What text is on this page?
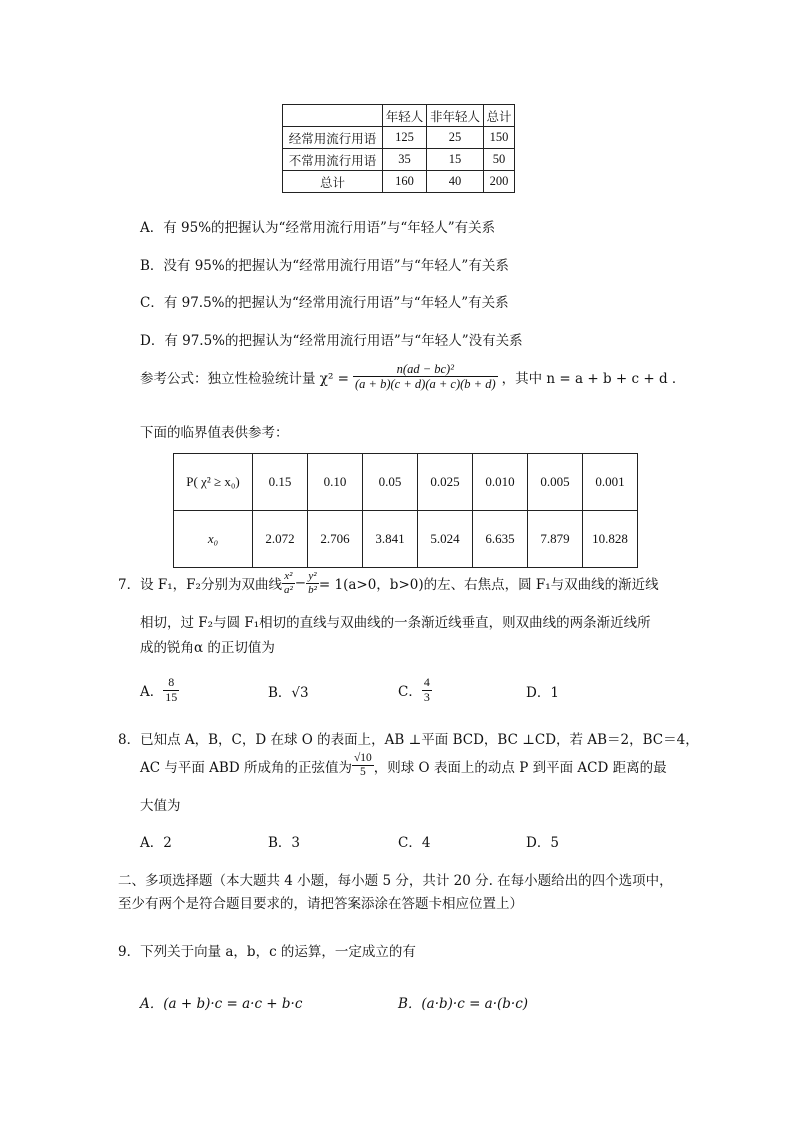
	年轻人	非年轻人	总计
经常用流行用语	125	25	150
不常用流行用语	35	15	50
总计	160	40	200
A．有 95%的把握认为“经常用流行用语”与“年轻人”有关系
B．没有 95%的把握认为“经常用流行用语”与“年轻人”有关系
C．有 97.5%的把握认为“经常用流行用语”与“年轻人”有关系
D．有 97.5%的把握认为“经常用流行用语”与“年轻人”没有关系
参考公式：独立性检验统计量 $\chi^2 = \frac{\text{n(ad − bc)²}}{(a + b)(c + d)(a + c)(b + d)}$ ，其中 n = a + b + c + d ．
下面的临界值表供参考：
P( χ² ≥ x₀)	0.15	0.10	0.05	0.025	0.010	0.005	0.001
x₀	2.072	2.706	3.841	5.024	6.635	7.879	10.828
7．设 F₁，F₂分别为双曲线 $\frac{\text{x²}}{\text{a²}} - \frac{\text{y²}}{\text{b²}} = 1(a>0$，b>0)的左、右焦点，圆 F₁与双曲线的渐近线
相切，过 F₂与圆 F₁相切的直线与双曲线的一条渐近线垂直，则双曲线的两条渐近线所
成的锐角α 的正切值为
A． $\frac{8}{15}$	B．√3	C． $\frac{4}{3}$	D．1
8．已知点 A，B，C，D 在球 O 的表面上，AB ⊥平面 BCD，BC ⊥CD，若 AB＝2，BC＝4，
AC 与平面 ABD 所成角的正弦值为 $\frac{√10}{5}$ ，则球 O 表面上的动点 P 到平面 ACD 距离的最
大值为
A．2	B．3	C．4	D．5
二、多项选择题（本大题共 4 小题，每小题 5 分，共计 20 分. 在每小题给出的四个选项中，
至少有两个是符合题目要求的，请把答案添涂在答题卡相应位置上）
9．下列关于向量 a，b，c 的运算，一定成立的有
A．(a + b)·c = a·c + b·c	B．(a·b)·c = a·(b·c)
